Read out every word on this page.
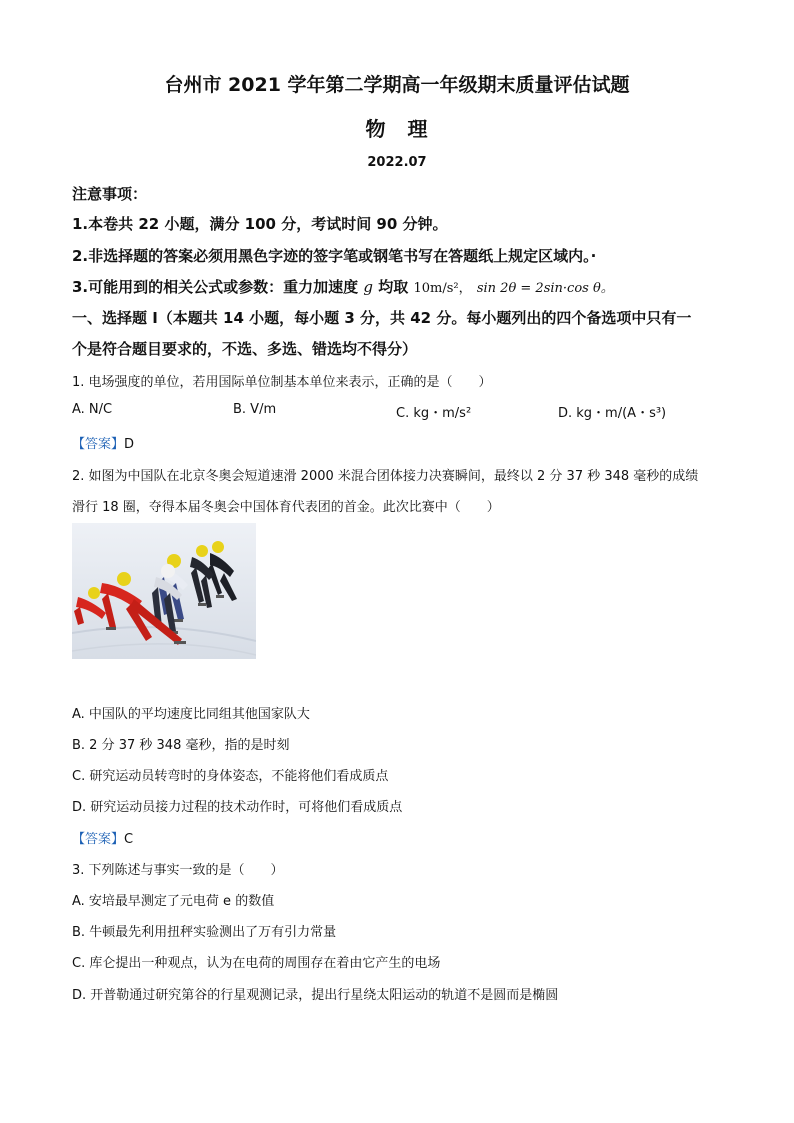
台州市 2021 学年第二学期高一年级期末质量评估试题
物　理
2022.07
注意事项：
1.本卷共 22 小题，满分 100 分，考试时间 90 分钟。
2.非选择题的答案必须用黑色字迹的签字笔或钢笔书写在答题纸上规定区域内。·
3.可能用到的相关公式或参数：重力加速度 g 均取 10m/s²， sin 2θ = 2sin·cos θ。
一、选择题 I（本题共 14 小题，每小题 3 分，共 42 分。每小题列出的四个备选项中只有一
个是符合题目要求的，不选、多选、错选均不得分）
1. 电场强度的单位，若用国际单位制基本单位来表示，正确的是（　　）
A. N/C	B. V/m	C. kg・m/s²	D. kg・m/(A・s³)
【答案】D
2. 如图为中国队在北京冬奥会短道速滑 2000 米混合团体接力决赛瞬间，最终以 2 分 37 秒 348 毫秒的成绩
滑行 18 圈，夺得本届冬奥会中国体育代表团的首金。此次比赛中（　　）
A. 中国队的平均速度比同组其他国家队大
B. 2 分 37 秒 348 毫秒，指的是时刻
C. 研究运动员转弯时的身体姿态，不能将他们看成质点
D. 研究运动员接力过程的技术动作时，可将他们看成质点
【答案】C
3. 下列陈述与事实一致的是（　　）
A. 安培最早测定了元电荷 e 的数值
B. 牛顿最先利用扭秤实验测出了万有引力常量
C. 库仑提出一种观点，认为在电荷的周围存在着由它产生的电场
D. 开普勒通过研究第谷的行星观测记录，提出行星绕太阳运动的轨道不是圆而是椭圆
